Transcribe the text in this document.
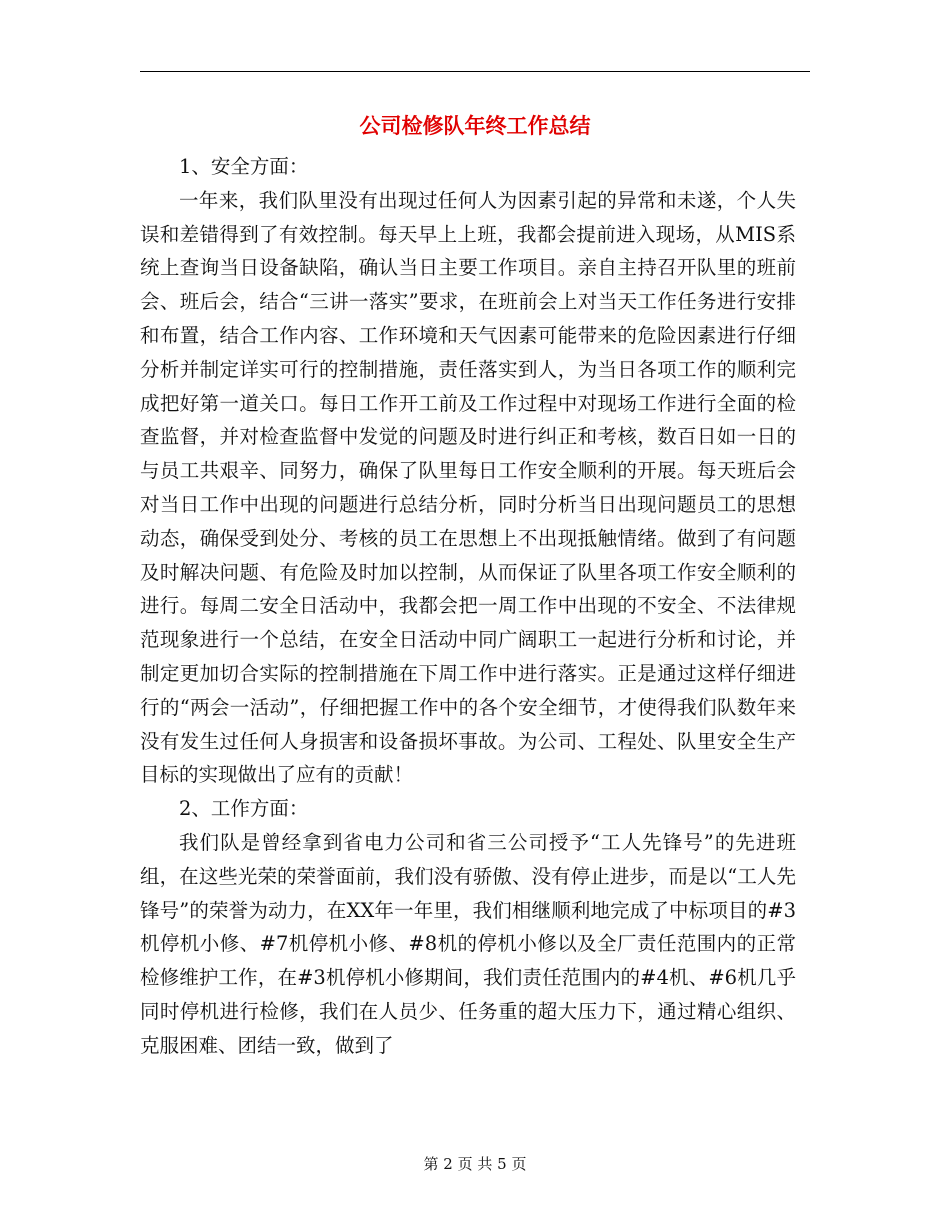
公司检修队年终工作总结

1、安全方面：

一年来，我们队里没有出现过任何人为因素引起的异常和未遂，个人失误和差错得到了有效控制。每天早上上班，我都会提前进入现场，从MIS系统上查询当日设备缺陷，确认当日主要工作项目。亲自主持召开队里的班前会、班后会，结合“三讲一落实”要求，在班前会上对当天工作任务进行安排和布置，结合工作内容、工作环境和天气因素可能带来的危险因素进行仔细分析并制定详实可行的控制措施，责任落实到人，为当日各项工作的顺利完成把好第一道关口。每日工作开工前及工作过程中对现场工作进行全面的检查监督，并对检查监督中发觉的问题及时进行纠正和考核，数百日如一日的与员工共艰辛、同努力，确保了队里每日工作安全顺利的开展。每天班后会对当日工作中出现的问题进行总结分析，同时分析当日出现问题员工的思想动态，确保受到处分、考核的员工在思想上不出现抵触情绪。做到了有问题及时解决问题、有危险及时加以控制，从而保证了队里各项工作安全顺利的进行。每周二安全日活动中，我都会把一周工作中出现的不安全、不法律规范现象进行一个总结，在安全日活动中同广阔职工一起进行分析和讨论，并制定更加切合实际的控制措施在下周工作中进行落实。正是通过这样仔细进行的“两会一活动”，仔细把握工作中的各个安全细节，才使得我们队数年来没有发生过任何人身损害和设备损坏事故。为公司、工程处、队里安全生产目标的实现做出了应有的贡献！

2、工作方面：

我们队是曾经拿到省电力公司和省三公司授予“工人先锋号”的先进班组，在这些光荣的荣誉面前，我们没有骄傲、没有停止进步，而是以“工人先锋号”的荣誉为动力，在XX年一年里，我们相继顺利地完成了中标项目的#3机停机小修、#7机停机小修、#8机的停机小修以及全厂责任范围内的正常检修维护工作，在#3机停机小修期间，我们责任范围内的#4机、#6机几乎同时停机进行检修，我们在人员少、任务重的超大压力下，通过精心组织、克服困难、团结一致，做到了

第 2 页 共 5 页
